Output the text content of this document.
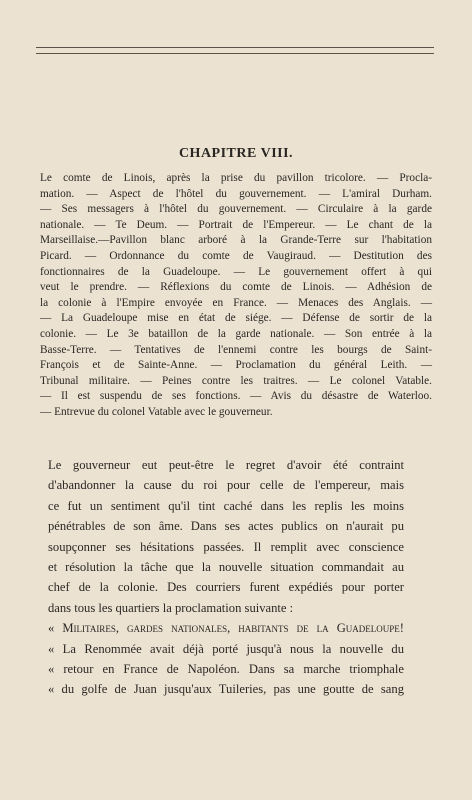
CHAPITRE VIII.
Le comte de Linois, après la prise du pavillon tricolore. — Procla-
mation. — Aspect de l'hôtel du gouvernement. — L'amiral Durham.
— Ses messagers à l'hôtel du gouvernement. — Circulaire à la garde
nationale. — Te Deum. — Portrait de l'Empereur. — Le chant de la
Marseillaise.—Pavillon blanc arboré à la Grande-Terre sur l'habitation
Picard. — Ordonnance du comte de Vaugiraud. — Destitution des
fonctionnaires de la Guadeloupe. — Le gouvernement offert à qui
veut le prendre. — Réflexions du comte de Linois. — Adhésion de
la colonie à l'Empire envoyée en France. — Menaces des Anglais. —
— La Guadeloupe mise en état de siége. — Défense de sortir de la
colonie. — Le 3e bataillon de la garde nationale. — Son entrée à la
Basse-Terre. — Tentatives de l'ennemi contre les bourgs de Saint-
François et de Sainte-Anne. — Proclamation du général Leith. —
Tribunal militaire. — Peines contre les traitres. — Le colonel Vatable.
— Il est suspendu de ses fonctions. — Avis du désastre de Waterloo.
— Entrevue du colonel Vatable avec le gouverneur.
Le gouverneur eut peut-être le regret d'avoir été contraint
d'abandonner la cause du roi pour celle de l'empereur, mais
ce fut un sentiment qu'il tint caché dans les replis les moins
pénétrables de son âme. Dans ses actes publics on n'aurait pu
soupçonner ses hésitations passées. Il remplit avec conscience
et résolution la tâche que la nouvelle situation commandait au
chef de la colonie. Des courriers furent expédiés pour porter
dans tous les quartiers la proclamation suivante :
« Militaires, gardes nationales, habitants de la Guadeloupe!
« La Renommée avait déjà porté jusqu'à nous la nouvelle du
« retour en France de Napoléon. Dans sa marche triomphale
« du golfe de Juan jusqu'aux Tuileries, pas une goutte de sang
